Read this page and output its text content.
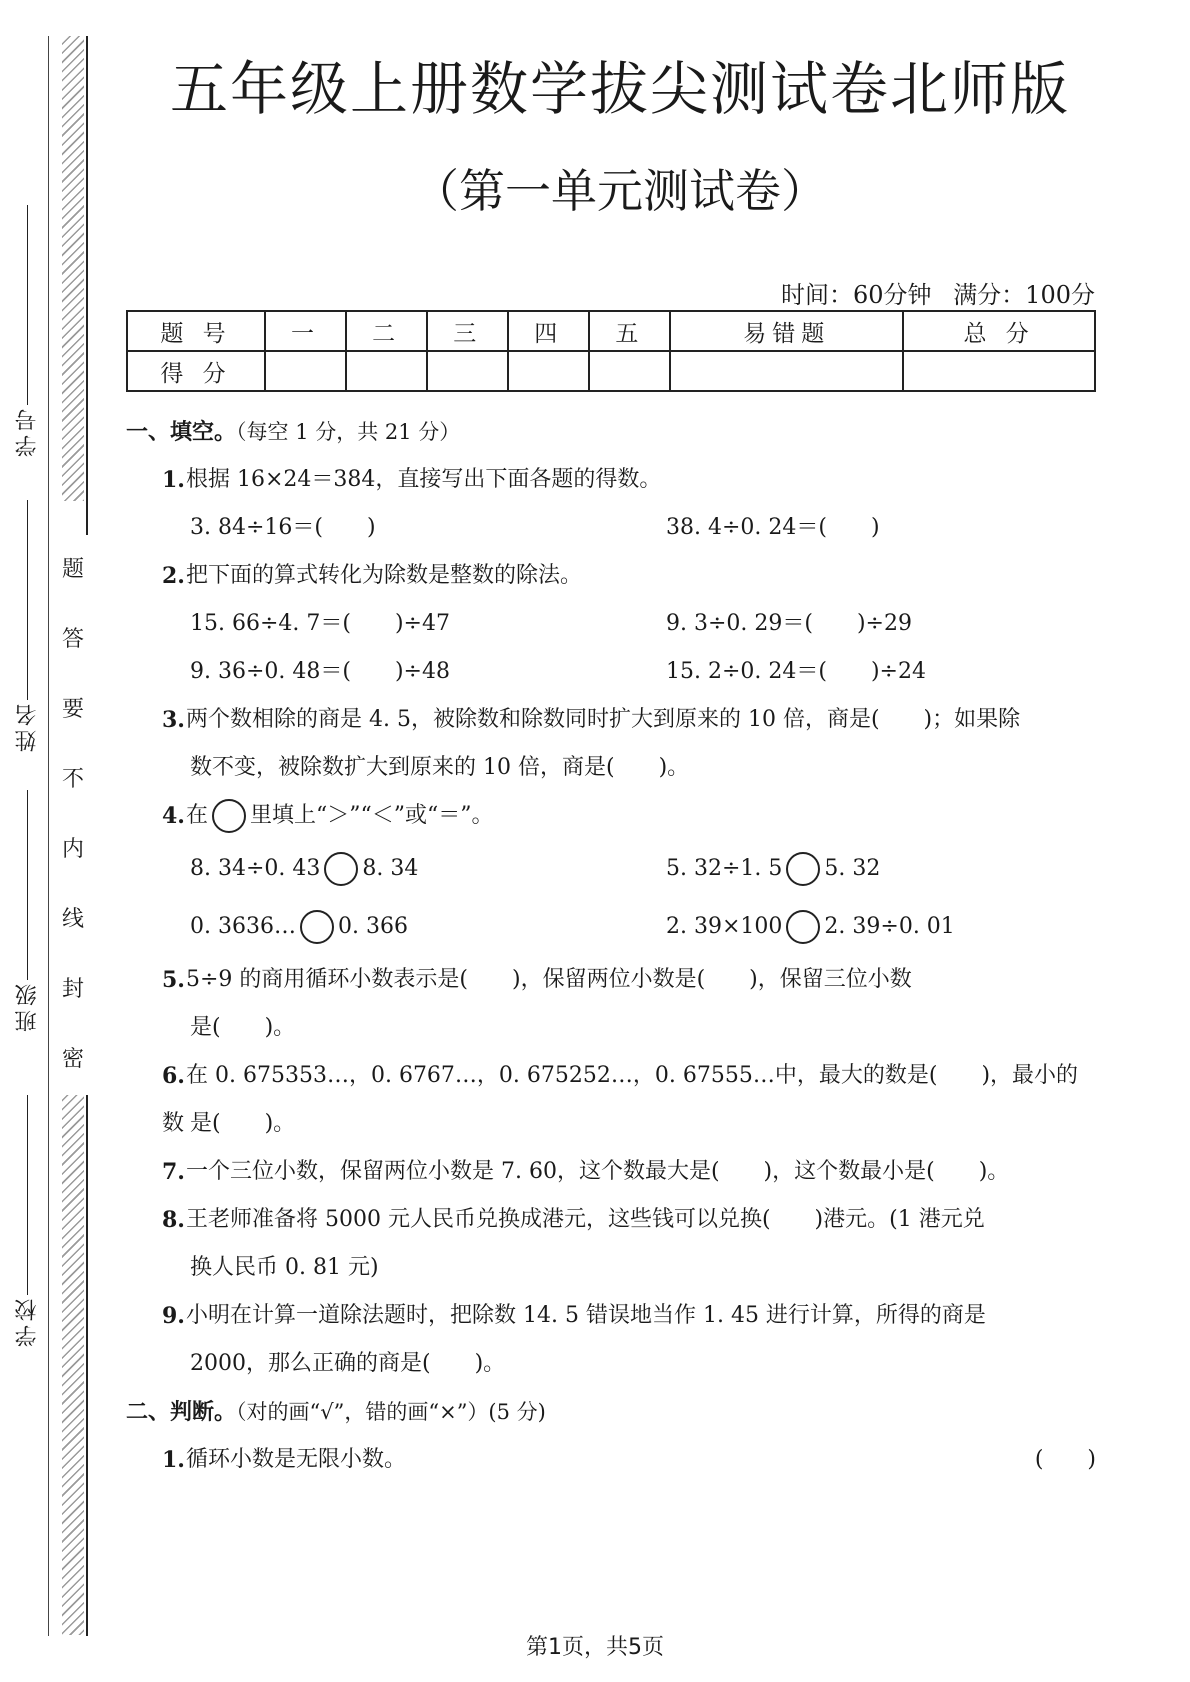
题
答
要
不
内
线
封
密
学号
姓名
班级
学校
五年级上册数学拔尖测试卷北师版
（第一单元测试卷）
时间：60分钟 满分：100分
题 号	一	二	三	四	五	易错题	总 分
得 分							
一、填空。（每空 1 分，共 21 分）
1. 根据 16×24＝384，直接写出下面各题的得数。
3. 84÷16＝(　　)	38. 4÷0. 24＝(　　)
2. 把下面的算式转化为除数是整数的除法。
15. 66÷4. 7＝(　　)÷47	9. 3÷0. 29＝(　　)÷29
9. 36÷0. 48＝(　　)÷48	15. 2÷0. 24＝(　　)÷24
3. 两个数相除的商是 4. 5，被除数和除数同时扩大到原来的 10 倍，商是(　　)；如果除
数不变，被除数扩大到原来的 10 倍，商是(　　)。
4. 在 里填上“＞”“＜”或“＝”。
8. 34÷0. 43 8. 34	5. 32÷1. 5 5. 32
0. 3636… 0. 366	2. 39×100 2. 39÷0. 01
5. 5÷9 的商用循环小数表示是(　　)，保留两位小数是(　　)，保留三位小数
是(　　)。
6. 在 0. 675353…，0. 6767…，0. 675252…，0. 67555…中，最大的数是(　　)，最小的数 是(　　)。
7. 一个三位小数，保留两位小数是 7. 60，这个数最大是(　　)，这个数最小是(　　)。
8. 王老师准备将 5000 元人民币兑换成港元，这些钱可以兑换(　　)港元。(1 港元兑
换人民币 0. 81 元)
9. 小明在计算一道除法题时，把除数 14. 5 错误地当作 1. 45 进行计算，所得的商是
2000，那么正确的商是(　　)。
二、判断。（对的画“√”，错的画“×”）(5 分)
1. 循环小数是无限小数。	(　　)
第1页，共5页
